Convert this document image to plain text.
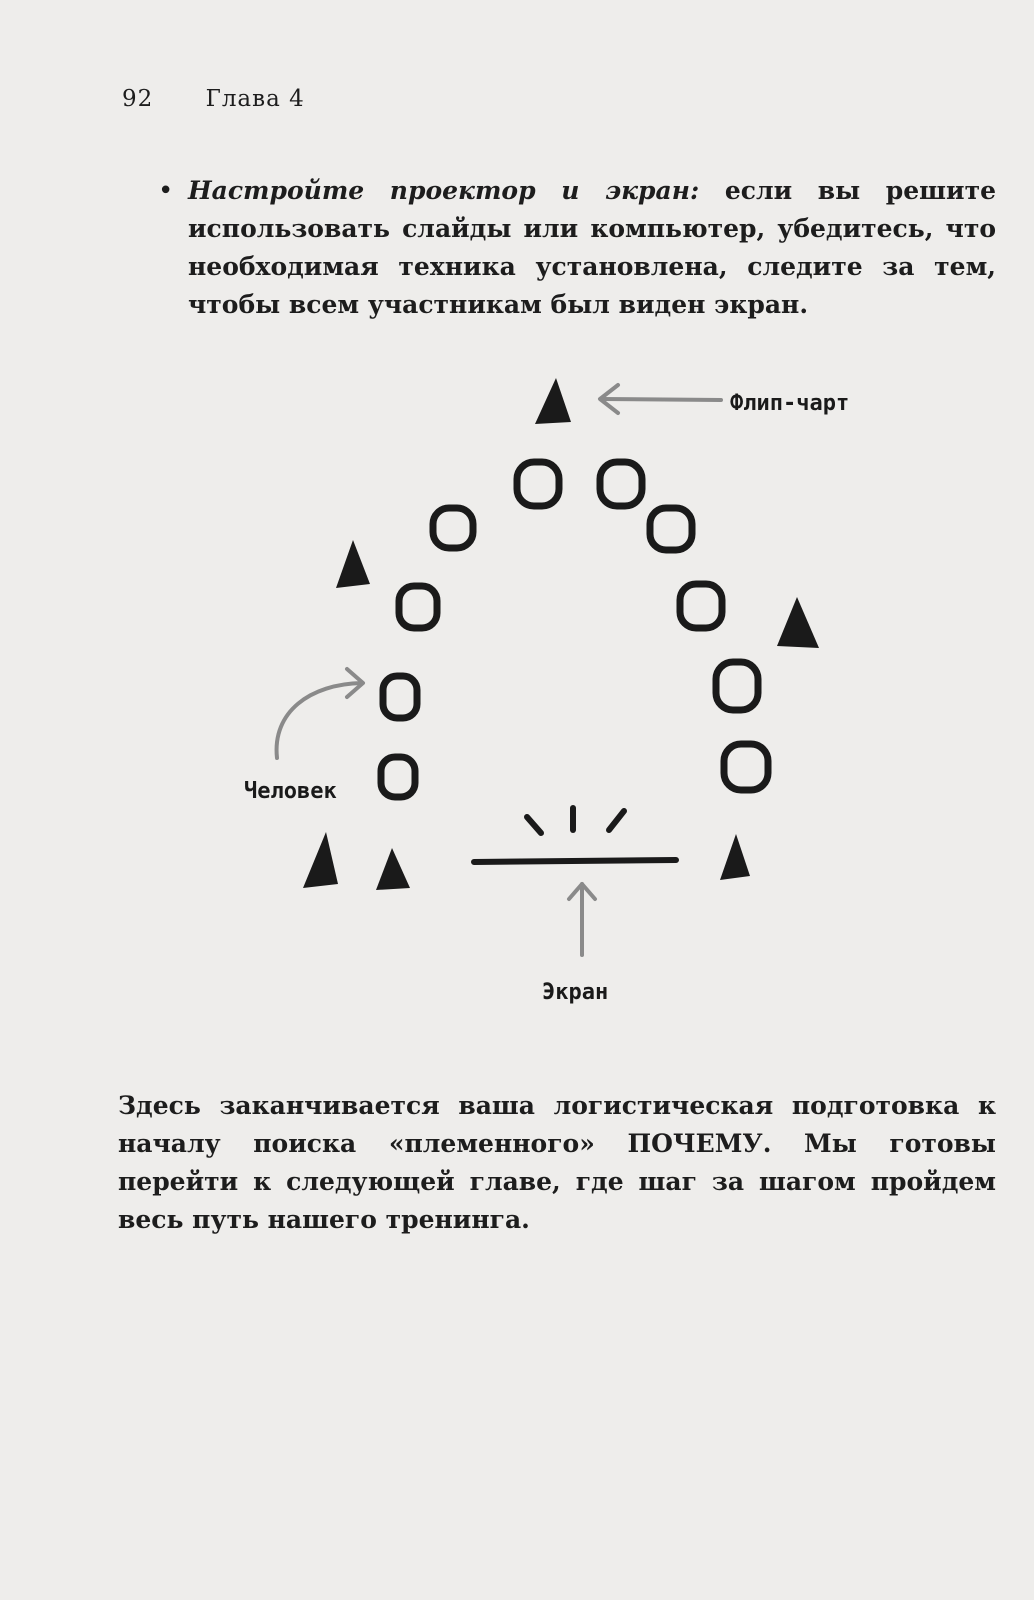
92 Глава 4
• Настройте проектор и экран: если вы решите использовать слайды или компьютер, убедитесь, что необходимая техника установлена, следите за тем, чтобы всем участникам был виден экран.
Флип-чарт
Человек
Экран
Здесь заканчивается ваша логистическая подготовка к началу поиска «племенного» ПОЧЕМУ. Мы готовы перейти к следующей главе, где шаг за шагом пройдем весь путь нашего тренинга.
